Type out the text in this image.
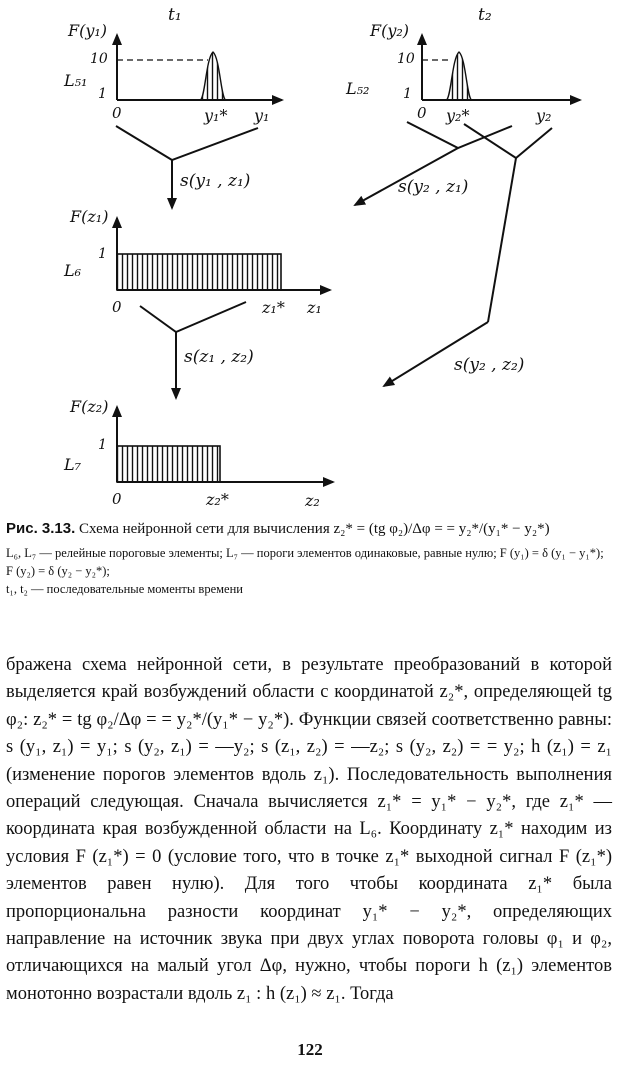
t₁	t₂
F(y₁)
10
1
L₅₁
0	y₁* y₁
F(y₂)
10
1
L₅₂
0 y₂*	y₂
F(z₁)
1
L₆
0	z₁* z₁
F(z₂)
1
L₇
0	z₂*	z₂
s(y₁ , z₁)	s(y₂ , z₁)
s(z₁ , z₂)	s(y₂ , z₂)

Рис. 3.13. Схема нейронной сети для вычисления z₂* = (tg φ₂)/Δφ = = y₂*/(y₁* − y₂*)

L₆, L₇ — релейные пороговые элементы; L₇ — пороги элементов одинаковые, равные нулю; F (y₁) = δ (y₁ − y₁*); F (y₂) = δ (y₂ − y₂*);

t₁, t₂ — последовательные моменты времени

бражена схема нейронной сети, в результате преобразований в которой выделяется край возбуждений области с координатой z₂*, определяющей tg φ₂: z₂* = tg φ₂/Δφ = = y₂*/(y₁* − y₂*). Функции связей соответственно равны: s (y₁, z₁) = y₁; s (y₂, z₁) = —y₂; s (z₁, z₂) = —z₂; s (y₂, z₂) = = y₂; h (z₁) = z₁ (изменение порогов элементов вдоль z₁). Последовательность выполнения операций следующая. Сначала вычисляется z₁* = y₁* − y₂*, где z₁* — координата края возбужденной области на L₆. Координату z₁* находим из условия F (z₁*) = 0 (условие того, что в точке z₁* выходной сигнал F (z₁*) элементов равен нулю). Для того чтобы координата z₁* была пропорциональна разности координат y₁* − y₂*, определяющих направление на источник звука при двух углах поворота головы φ₁ и φ₂, отличающихся на малый угол Δφ, нужно, чтобы пороги h (z₁) элементов монотонно возрастали вдоль z₁ : h (z₁) ≈ z₁. Тогда

122
